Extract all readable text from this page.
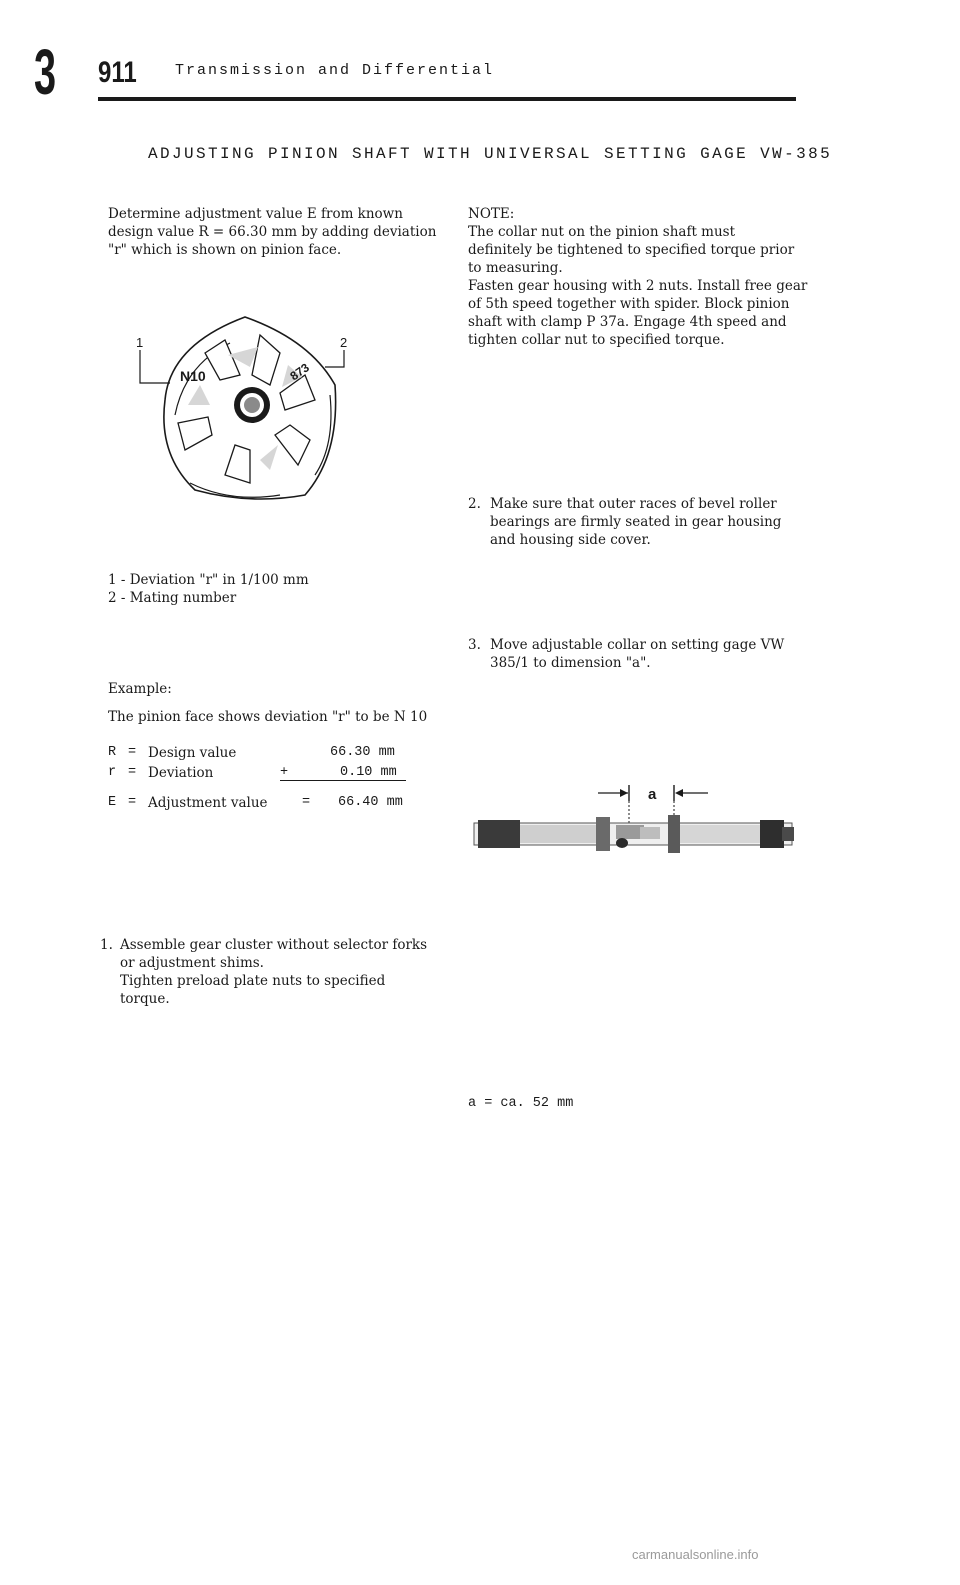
3 911	Transmission and Differential
ADJUSTING PINION SHAFT WITH UNIVERSAL SETTING GAGE VW-385
Determine adjustment value E from known
design value R = 66.30 mm by adding deviation
"r" which is shown on pinion face.
N10	873
1	2
1 - Deviation "r" in 1/100 mm
2 - Mating number
Example:
The pinion face shows deviation "r" to be N 10
R = Design value	66.30 mm
r = Deviation	+	0.10 mm
E = Adjustment value	= 66.40 mm
1. Assemble gear cluster without selector forks
or adjustment shims.
Tighten preload plate nuts to specified
torque.
NOTE:
The collar nut on the pinion shaft must
definitely be tightened to specified torque prior
to measuring.
Fasten gear housing with 2 nuts. Install free gear
of 5th speed together with spider. Block pinion
shaft with clamp P 37a. Engage 4th speed and
tighten collar nut to specified torque.
2. Make sure that outer races of bevel roller
bearings are firmly seated in gear housing
and housing side cover.
3. Move adjustable collar on setting gage VW
385/1 to dimension "a".
a
a = ca. 52 mm
carmanualsonline.info
